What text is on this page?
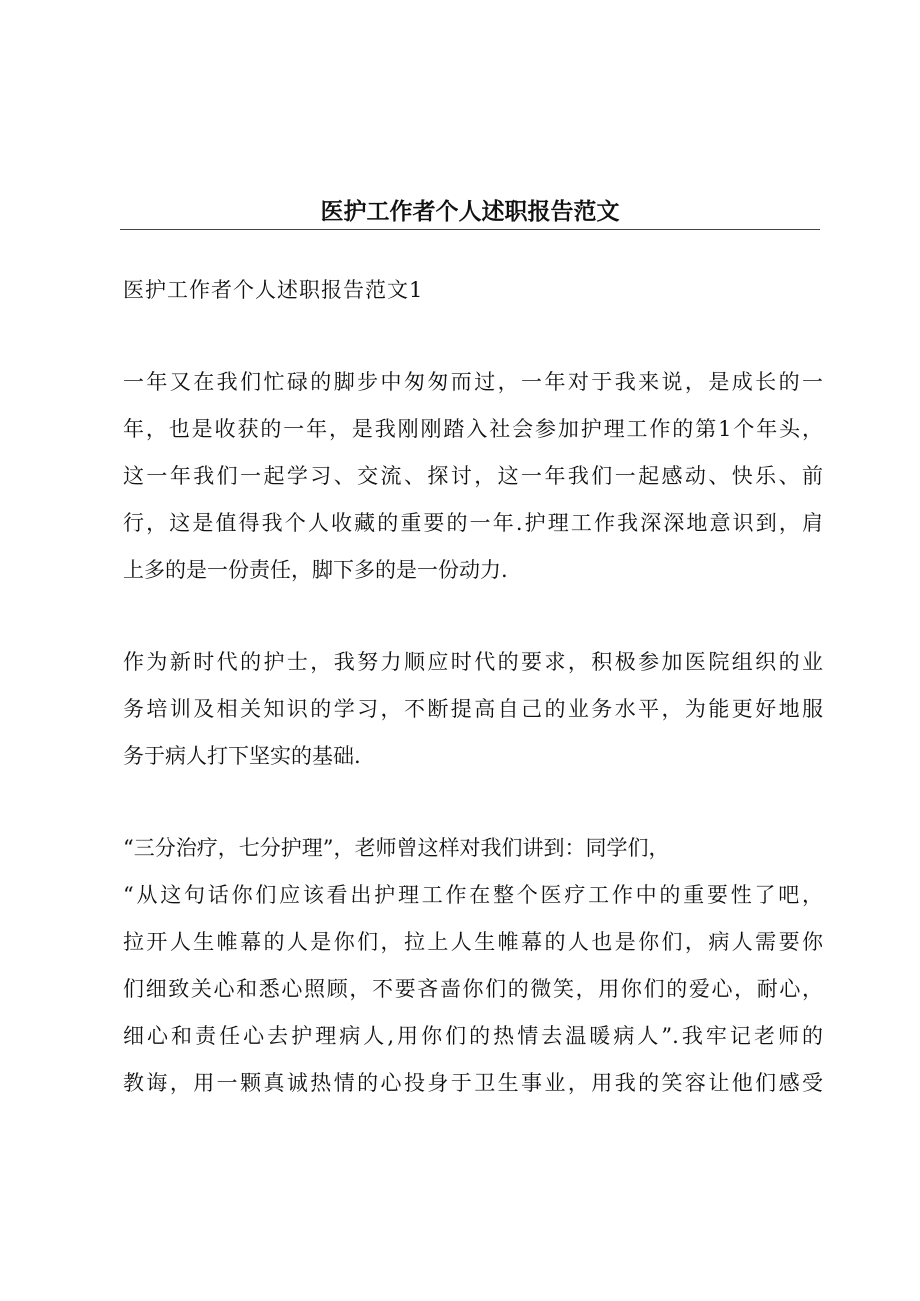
医护工作者个人述职报告范文
医护工作者个人述职报告范文1
一年又在我们忙碌的脚步中匆匆而过，一年对于我来说，是成长的一
年，也是收获的一年，是我刚刚踏入社会参加护理工作的第1个年头，
这一年我们一起学习、交流、探讨，这一年我们一起感动、快乐、前
行，这是值得我个人收藏的重要的一年.护理工作我深深地意识到，肩
上多的是一份责任，脚下多的是一份动力.
作为新时代的护士，我努力顺应时代的要求，积极参加医院组织的业
务培训及相关知识的学习，不断提高自己的业务水平，为能更好地服
务于病人打下坚实的基础.
“三分治疗，七分护理”，老师曾这样对我们讲到：同学们，
“从这句话你们应该看出护理工作在整个医疗工作中的重要性了吧，
拉开人生帷幕的人是你们，拉上人生帷幕的人也是你们，病人需要你
们细致关心和悉心照顾，不要吝啬你们的微笑，用你们的爱心，耐心，
细心和责任心去护理病人,用你们的热情去温暖病人”.我牢记老师的
教诲，用一颗真诚热情的心投身于卫生事业，用我的笑容让他们感受
